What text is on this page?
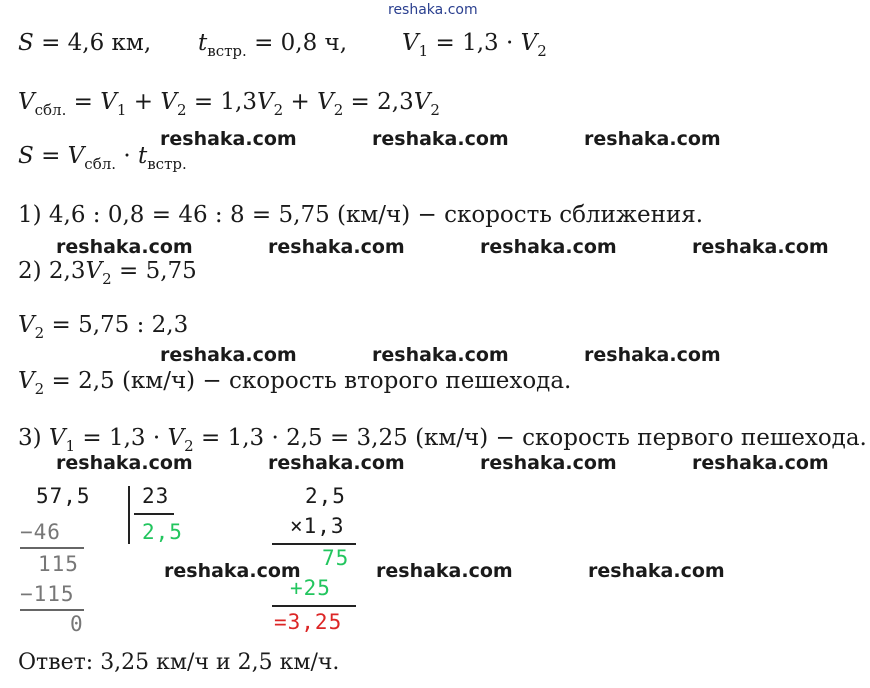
reshaka.com
S = 4,6 км, $t_{встр.} = 0,8$ ч, $V_1 = 1,3 \cdot V_2$
$V_{сбл.} = V_1 + V_2 = 1,3V_2 + V_2 = 2,3V_2$
reshaka.com	reshaka.com	reshaka.com
$S = V_{сбл.} \cdot t_{встр.}$
1) 4,6 : 0,8 = 46 : 8 = 5,75 (км/ч) − скорость сближения.
reshaka.com	reshaka.com	reshaka.com	reshaka.com
2) $2,3V_2 = 5,75$
$V_2 = 5,75$ : 2,3
reshaka.com	reshaka.com	reshaka.com
$V_2 = 2,5$ (км/ч) − скорость второго пешехода.
3) $V_1 = 1,3 \cdot V_2 = 1,3 \cdot 2,5 = 3,25$ (км/ч) − скорость первого пешехода.
reshaka.com	reshaka.com	reshaka.com	reshaka.com
57,5 23
2,5
−46
115
−115
0
2,5
×1,3
75
+25
=3,25
reshaka.com	reshaka.com	reshaka.com
Ответ: 3,25 км/ч и 2,5 км/ч.
